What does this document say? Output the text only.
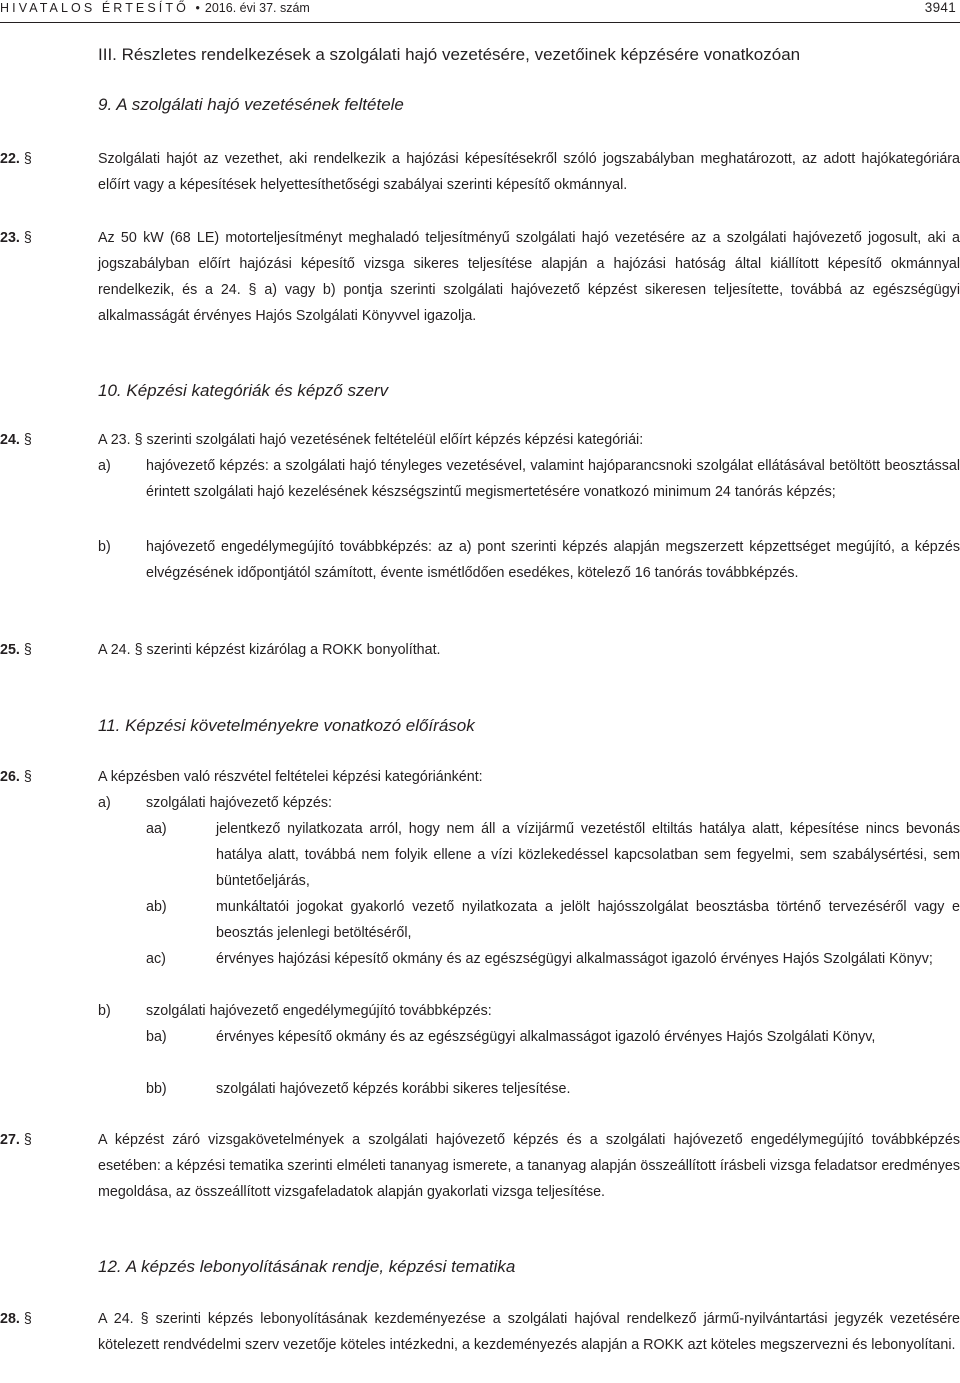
HIVATALOS ÉRTESÍTŐ • 2016. évi 37. szám	3941
III. Részletes rendelkezések a szolgálati hajó vezetésére, vezetőinek képzésére vonatkozóan
9. A szolgálati hajó vezetésének feltétele
22. §	Szolgálati hajót az vezethet, aki rendelkezik a hajózási képesítésekről szóló jogszabályban meghatározott, az adott hajókategóriára előírt vagy a képesítések helyettesíthetőségi szabályai szerinti képesítő okmánnyal.
23. §	Az 50 kW (68 LE) motorteljesítményt meghaladó teljesítményű szolgálati hajó vezetésére az a szolgálati hajóvezető jogosult, aki a jogszabályban előírt hajózási képesítő vizsga sikeres teljesítése alapján a hajózási hatóság által kiállított képesítő okmánnyal rendelkezik, és a 24. § a) vagy b) pontja szerinti szolgálati hajóvezető képzést sikeresen teljesítette, továbbá az egészségügyi alkalmasságát érvényes Hajós Szolgálati Könyvvel igazolja.
10. Képzési kategóriák és képző szerv
24. §	A 23. § szerinti szolgálati hajó vezetésének feltételéül előírt képzés képzési kategóriái:
a) hajóvezető képzés: a szolgálati hajó tényleges vezetésével, valamint hajóparancsnoki szolgálat ellátásával betöltött beosztással érintett szolgálati hajó kezelésének készségszintű megismertetésére vonatkozó minimum 24 tanórás képzés;
b) hajóvezető engedélymegújító továbbképzés: az a) pont szerinti képzés alapján megszerzett képzettséget megújító, a képzés elvégzésének időpontjától számított, évente ismétlődően esedékes, kötelező 16 tanórás továbbképzés.
25. §	A 24. § szerinti képzést kizárólag a ROKK bonyolíthat.
11. Képzési követelményekre vonatkozó előírások
26. §	A képzésben való részvétel feltételei képzési kategóriánként:
a) szolgálati hajóvezető képzés:
aa)	jelentkező nyilatkozata arról, hogy nem áll a vízijármű vezetéstől eltiltás hatálya alatt, képesítése nincs bevonás hatálya alatt, továbbá nem folyik ellene a vízi közlekedéssel kapcsolatban sem fegyelmi, sem szabálysértési, sem büntetőeljárás,
ab)	munkáltatói jogokat gyakorló vezető nyilatkozata a jelölt hajósszolgálat beosztásba történő tervezéséről vagy e beosztás jelenlegi betöltéséről,
ac)	érvényes hajózási képesítő okmány és az egészségügyi alkalmasságot igazoló érvényes Hajós Szolgálati Könyv;
b) szolgálati hajóvezető engedélymegújító továbbképzés:
ba)	érvényes képesítő okmány és az egészségügyi alkalmasságot igazoló érvényes Hajós Szolgálati Könyv,
bb)	szolgálati hajóvezető képzés korábbi sikeres teljesítése.
27. §	A képzést záró vizsgakövetelmények a szolgálati hajóvezető képzés és a szolgálati hajóvezető engedélymegújító továbbképzés esetében: a képzési tematika szerinti elméleti tananyag ismerete, a tananyag alapján összeállított írásbeli vizsga feladatsor eredményes megoldása, az összeállított vizsgafeladatok alapján gyakorlati vizsga teljesítése.
12. A képzés lebonyolításának rendje, képzési tematika
28. §	A 24. § szerinti képzés lebonyolításának kezdeményezése a szolgálati hajóval rendelkező jármű-nyilvántartási jegyzék vezetésére kötelezett rendvédelmi szerv vezetője köteles intézkedni, a kezdeményezés alapján a ROKK azt köteles megszervezni és lebonyolítani.
